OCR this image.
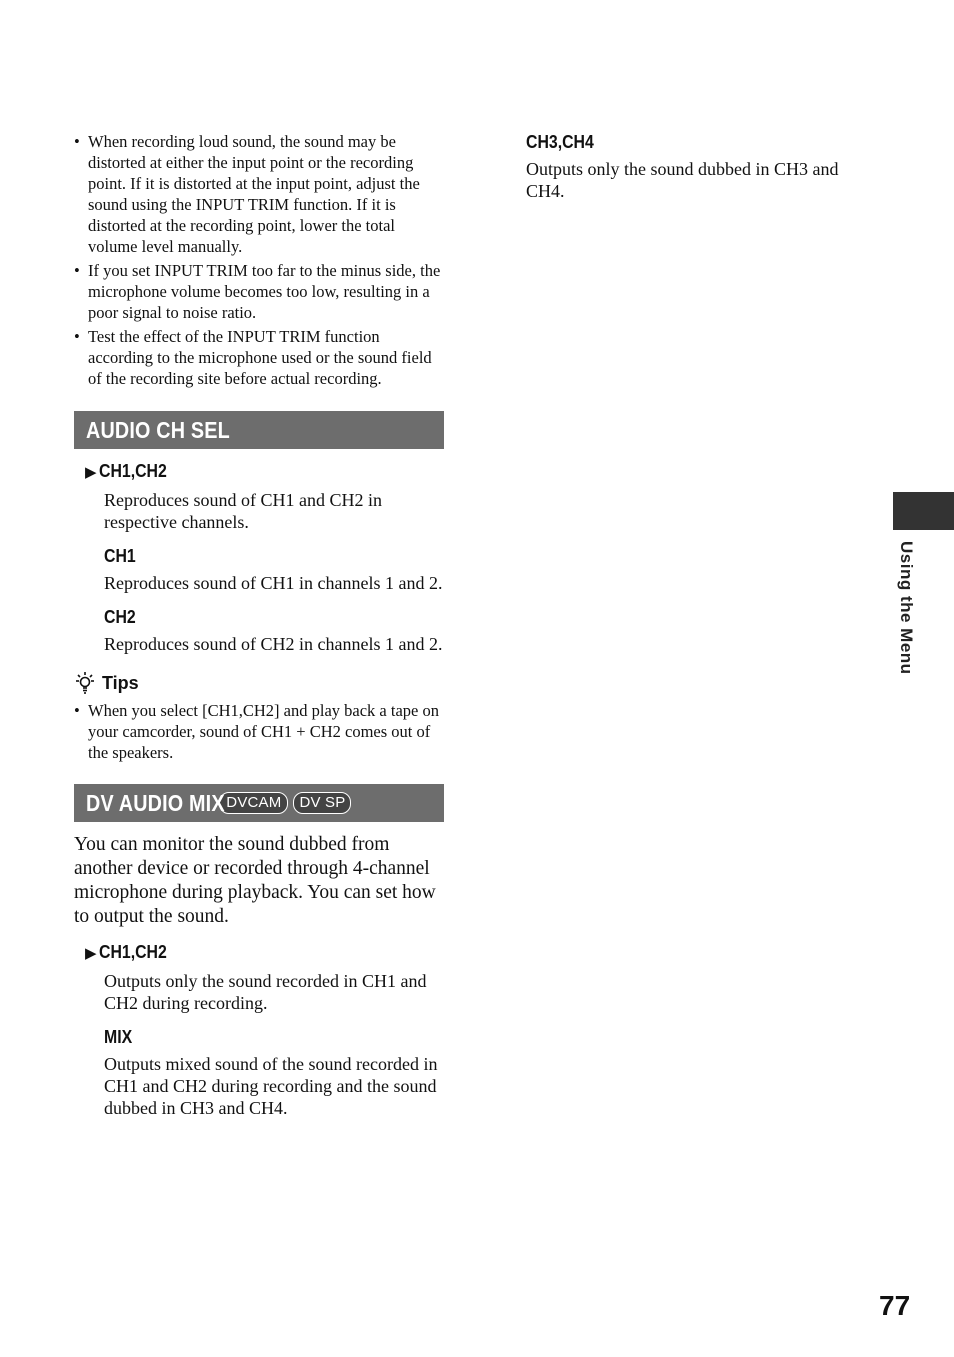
• When recording loud sound, the sound may be distorted at either the input point or the recording point. If it is distorted at the input point, adjust the sound using the INPUT TRIM function. If it is distorted at the recording point, lower the total volume level manually.
• If you set INPUT TRIM too far to the minus side, the microphone volume becomes too low, resulting in a poor signal to noise ratio.
• Test the effect of the INPUT TRIM function according to the microphone used or the sound field of the recording site before actual recording.
AUDIO CH SEL

▶ CH1,CH2

Reproduces sound of CH1 and CH2 in respective channels.

CH1

Reproduces sound of CH1 in channels 1 and 2.

CH2

Reproduces sound of CH2 in channels 1 and 2.

Tips
• When you select [CH1,CH2] and play back a tape on your camcorder, sound of CH1 + CH2 comes out of the speakers.
DV AUDIO MIX DVCAM	DV SP

You can monitor the sound dubbed from another device or recorded through 4-channel microphone during playback. You can set how to output the sound.

▶ CH1,CH2

Outputs only the sound recorded in CH1 and CH2 during recording.

MIX

Outputs mixed sound of the sound recorded in CH1 and CH2 during recording and the sound dubbed in CH3 and CH4.

CH3,CH4

Outputs only the sound dubbed in CH3 and CH4.

Using the Menu
77
